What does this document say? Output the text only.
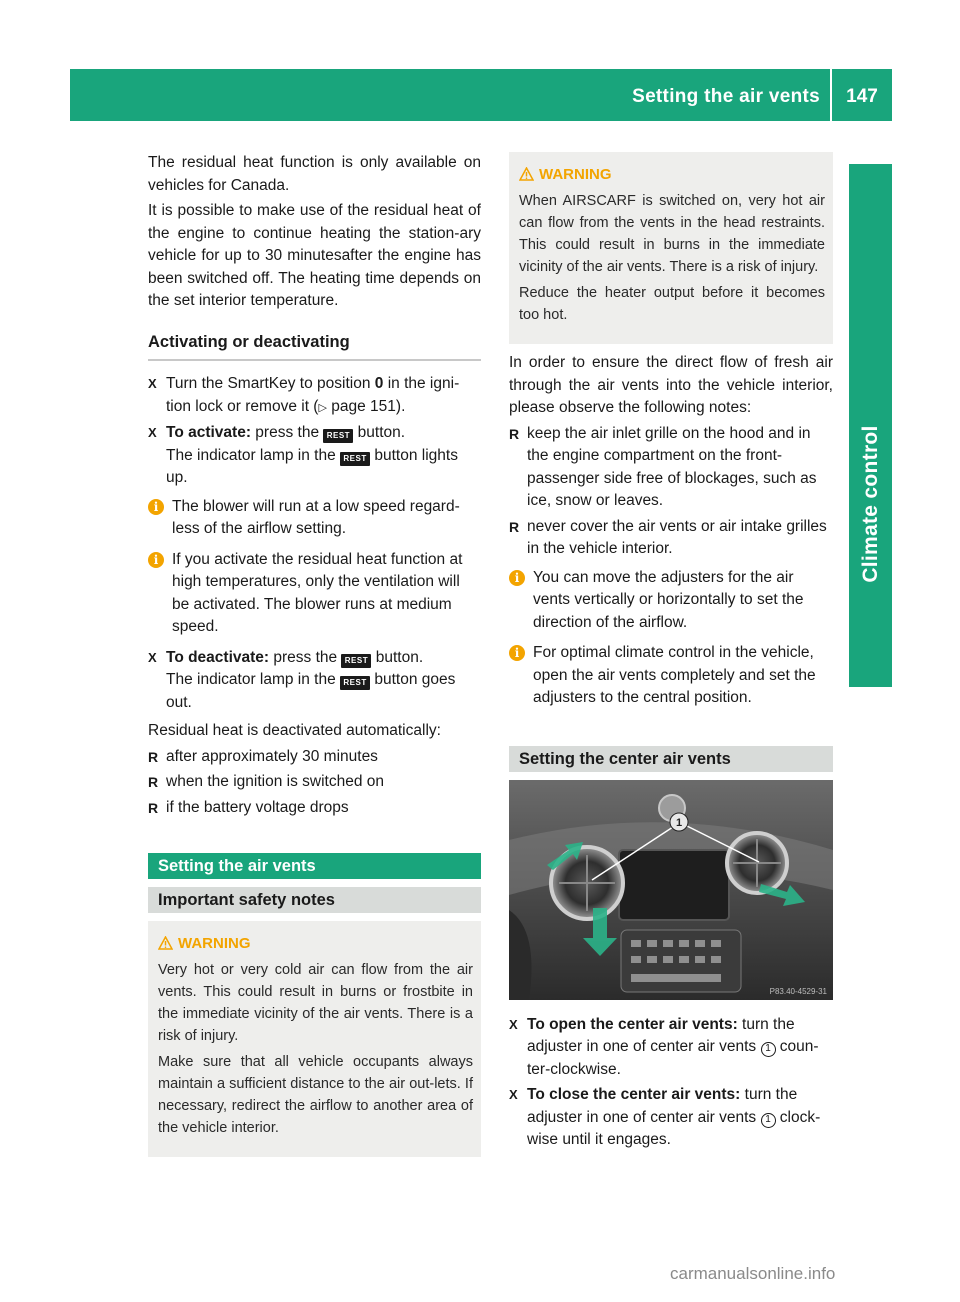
Setting the air vents	147
Climate control

The residual heat function is only available on vehicles for Canada.

It is possible to make use of the residual heat of the engine to continue heating the station-ary vehicle for up to 30 minutesafter the engine has been switched off. The heating time depends on the set interior temperature.

Activating or deactivating
X Turn the SmartKey to position 0 in the igni-tion lock or remove it (▷ page 151).
X To activate: press the REST button.
The indicator lamp in the REST button lights up.
i The blower will run at a low speed regard-less of the airflow setting.
i If you activate the residual heat function at high temperatures, only the ventilation will be activated. The blower runs at medium speed.
X To deactivate: press the REST button.
The indicator lamp in the REST button goes out.

Residual heat is deactivated automatically:

R after approximately 30 minutes
R when the ignition is switched on
R if the battery voltage drops
Setting the air vents
Important safety notes
WARNING

Very hot or very cold air can flow from the air vents. This could result in burns or frostbite in the immediate vicinity of the air vents. There is a risk of injury.

Make sure that all vehicle occupants always maintain a sufficient distance to the air out-lets. If necessary, redirect the airflow to another area of the vehicle interior.

WARNING

When AIRSCARF is switched on, very hot air can flow from the vents in the head restraints. This could result in burns in the immediate vicinity of the air vents. There is a risk of injury.

Reduce the heater output before it becomes too hot.

In order to ensure the direct flow of fresh air through the air vents into the vehicle interior, please observe the following notes:

R keep the air inlet grille on the hood and in the engine compartment on the front-passenger side free of blockages, such as ice, snow or leaves.
R never cover the air vents or air intake grilles in the vehicle interior.
i You can move the adjusters for the air vents vertically or horizontally to set the direction of the airflow.
i For optimal climate control in the vehicle, open the air vents completely and set the adjusters to the central position.
Setting the center air vents
1
P83.40-4529-31
X To open the center air vents: turn the adjuster in one of center air vents 1 coun-ter-clockwise.
X To close the center air vents: turn the adjuster in one of center air vents 1 clock-wise until it engages.
carmanualsonline.info
